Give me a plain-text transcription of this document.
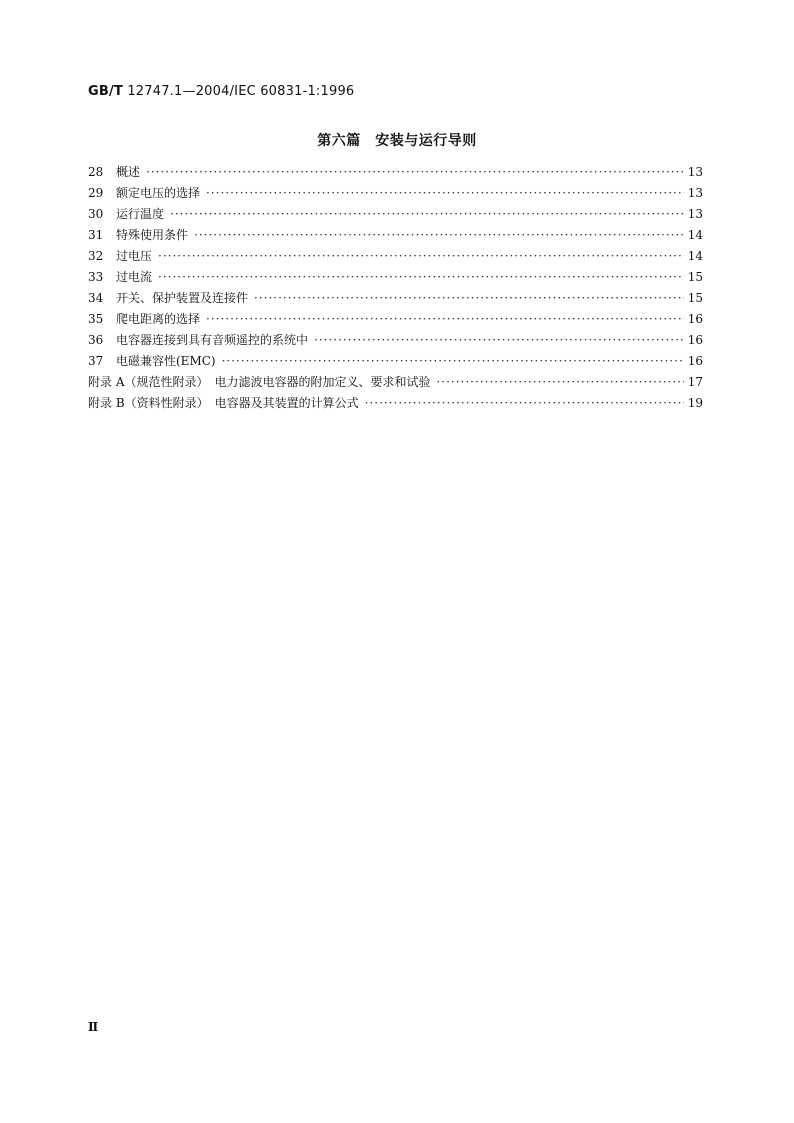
GB/T 12747.1—2004/IEC 60831-1:1996
第六篇　安装与运行导则
28	概述 ·····	13
29	额定电压的选择 ·····	13
30	运行温度 ·····	13
31	特殊使用条件 ·····	14
32	过电压 ·····	14
33	过电流 ·····	15
34	开关、保护装置及连接件 ·····	15
35	爬电距离的选择 ·····	16
36	电容器连接到具有音频遥控的系统中 ·····	16
37	电磁兼容性(EMC) ·····	16
附录 A（规范性附录）　电力滤波电容器的附加定义、要求和试验 ·····	17
附录 B（资料性附录）　电容器及其装置的计算公式 ·····	19
Ⅱ
